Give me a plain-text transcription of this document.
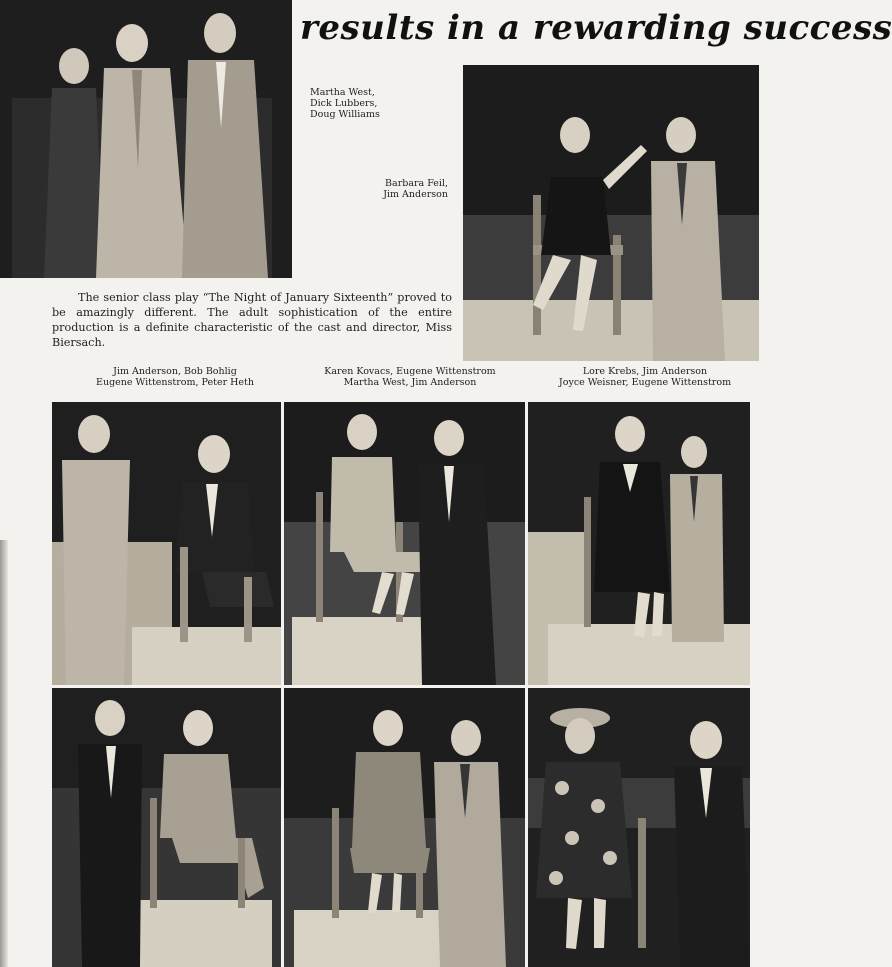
results in a rewarding success
Martha West,
Dick Lubbers,
Doug Williams
Barbara Feil,
Jim Anderson
The senior class play “The Night of January Sixteenth” proved to be amazingly different. The adult sophistication of the entire production is a definite characteristic of the cast and director, Miss Biersach.
Jim Anderson, Bob Bohlig
Eugene Wittenstrom, Peter Heth
Karen Kovacs, Eugene Wittenstrom
Martha West, Jim Anderson
Lore Krebs, Jim Anderson
Joyce Weisner, Eugene Wittenstrom
